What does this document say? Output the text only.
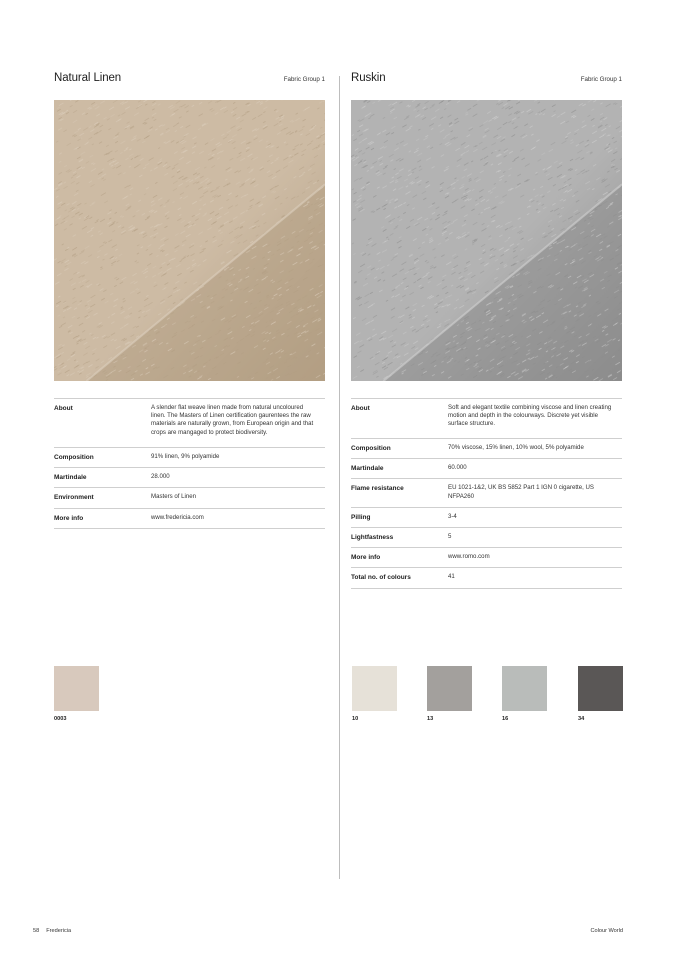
Natural Linen	Fabric Group 1
About	A slender flat weave linen made from natural uncoloured linen. The Masters of Linen certification gaurentees the raw materials are naturally grown, from European origin and that crops are mangaged to protect biodiversity.
Composition	91% linen, 9% polyamide
Martindale	28.000
Environment	Masters of Linen
More info	www.fredericia.com
Ruskin	Fabric Group 1
About	Soft and elegant textile combining viscose and linen creating motion and depth in the colourways. Discrete yet visible surface structure.
Composition	70% viscose, 15% linen, 10% wool, 5% polyamide
Martindale	60.000
Flame resistance	EU 1021-1&2, UK BS 5852 Part 1 IGN 0 cigarette, US NFPA260
Pilling	3-4
Lightfastness	5
More info	www.romo.com
Total no. of colours	41
0003	10	13	16	34
58 Fredericia	Colour World
